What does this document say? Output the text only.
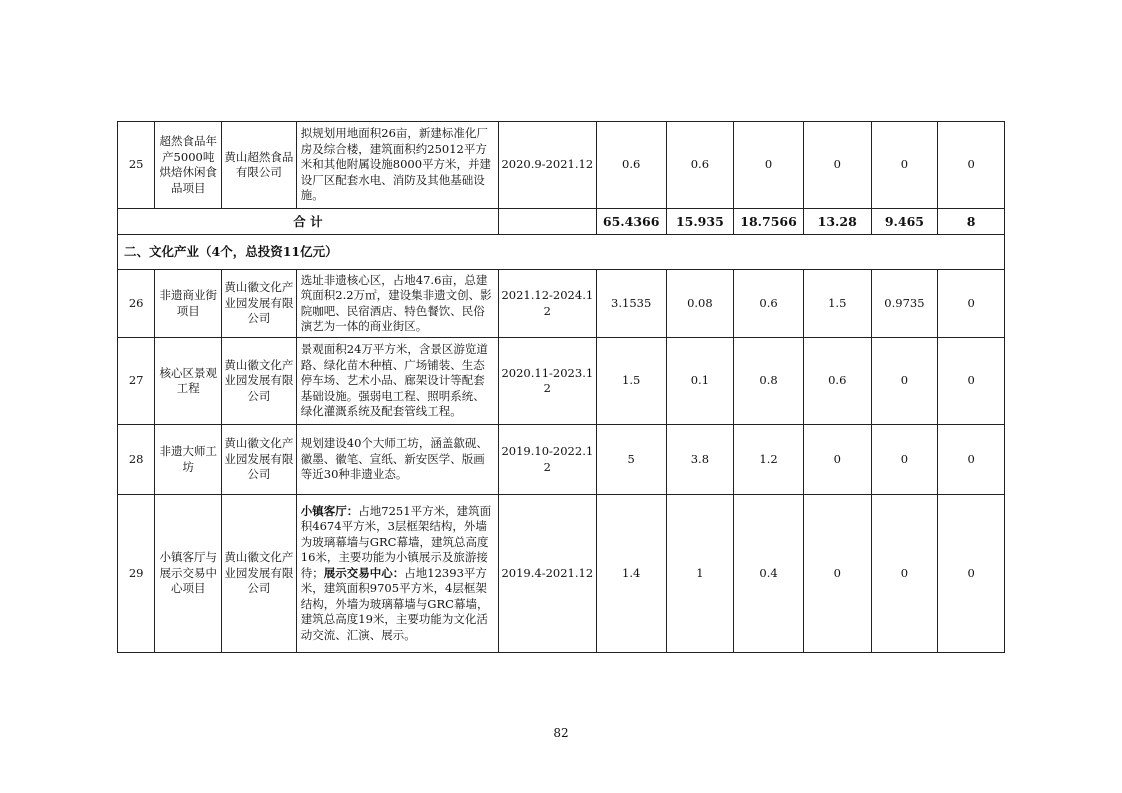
25	超然食品年产5000吨烘焙休闲食品项目	黄山超然食品有限公司	拟规划用地面积26亩，新建标准化厂房及综合楼，建筑面积约25012平方米和其他附属设施8000平方米，并建设厂区配套水电、消防及其他基础设施。	2020.9-2021.12	0.6	0.6	0	0	0	0
合 计					65.4366	15.935	18.7566	13.28	9.465	8
二、文化产业（4个，总投资11亿元）										
26	非遗商业街项目	黄山徽文化产业园发展有限公司	选址非遗核心区，占地47.6亩，总建筑面积2.2万㎡，建设集非遗文创、影院咖吧、民宿酒店、特色餐饮、民俗演艺为一体的商业街区。	2021.12-2024.12	3.1535	0.08	0.6	1.5	0.9735	0
27	核心区景观工程	黄山徽文化产业园发展有限公司	景观面积24万平方米，含景区游览道路、绿化苗木种植、广场铺装、生态停车场、艺术小品、廊架设计等配套基础设施。强弱电工程、照明系统、绿化灌溉系统及配套管线工程。	2020.11-2023.12	1.5	0.1	0.8	0.6	0	0
28	非遗大师工坊	黄山徽文化产业园发展有限公司	规划建设40个大师工坊，涵盖歙砚、徽墨、徽笔、宣纸、新安医学、版画等近30种非遗业态。	2019.10-2022.12	5	3.8	1.2	0	0	0
29	小镇客厅与展示交易中心项目	黄山徽文化产业园发展有限公司	小镇客厅：占地7251平方米，建筑面积4674平方米，3层框架结构，外墙为玻璃幕墙与GRC幕墙，建筑总高度16米，主要功能为小镇展示及旅游接待；展示交易中心：占地12393平方米，建筑面积9705平方米，4层框架结构，外墙为玻璃幕墙与GRC幕墙，建筑总高度19米，主要功能为文化活动交流、汇演、展示。	2019.4-2021.12	1.4	1	0.4	0	0	0
82
